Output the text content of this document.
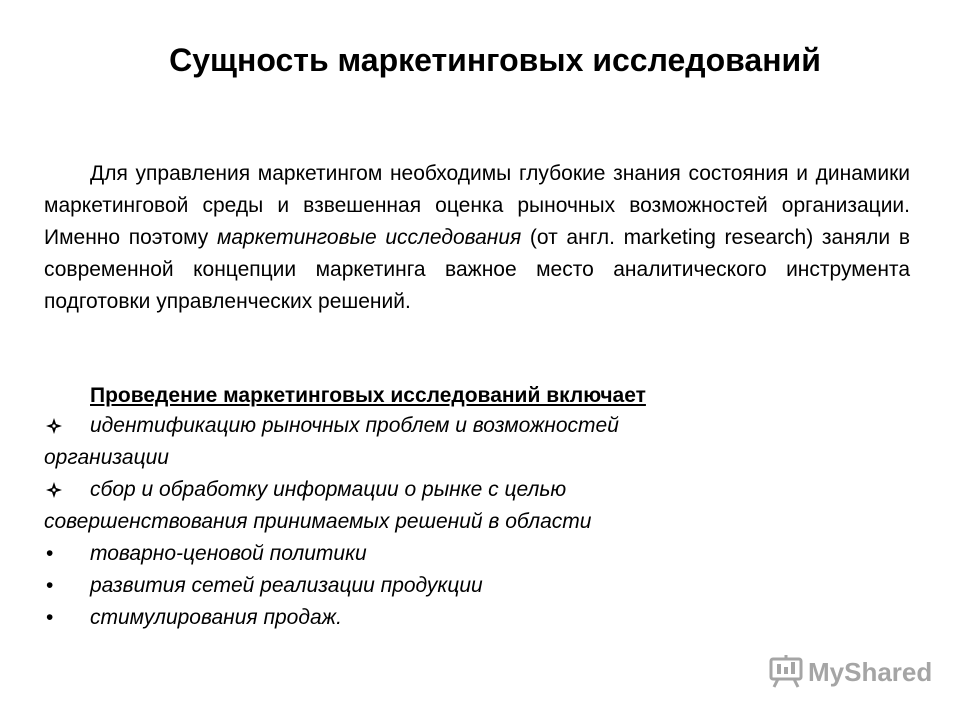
Сущность маркетинговых исследований

Для управления маркетингом необходимы глубокие знания состояния и динамики маркетинговой среды и взвешенная оценка рыночных возможностей организации. Именно поэтому маркетинговые исследования (от англ. marketing research) заняли в современной концепции маркетинга важное место аналитического инструмента подготовки управленческих решений.

Проведение маркетинговых исследований включает

идентификацию рыночных проблем и возможностей
организации
сбор и обработку информации о рынке с целью
совершенствования принимаемых решений в области
• товарно-ценовой политики
• развития сетей реализации продукции
• стимулирования продаж.
MyShared
